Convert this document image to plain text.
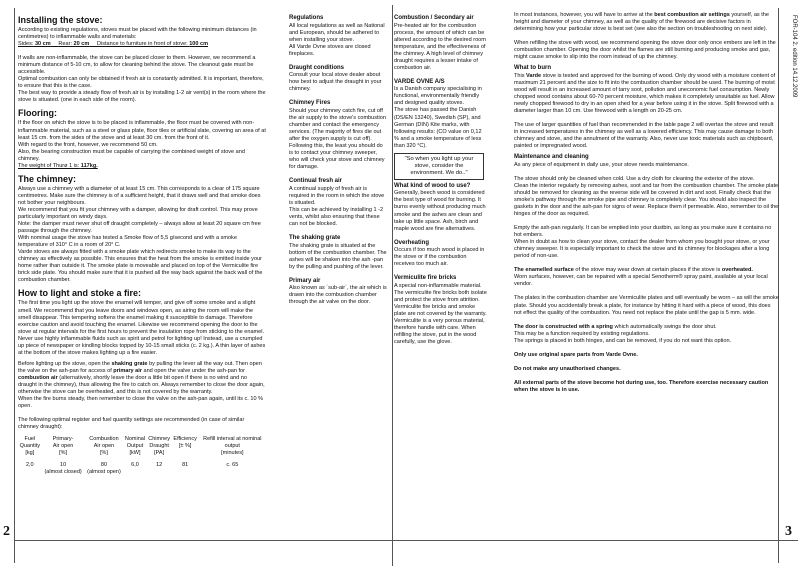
2	3
FOR-104 2. edition 14.12.2009
Installing the stove:

According to existing regulations, stoves must be placed with the following minimum distances (in centimetres) to inflammable walls and materials:

Sides: 30 cm Rear: 20 cm Distance to furniture in front of stove: 100 cm

If walls are non-inflammable, the stove can be placed closer to them. However, we recommend a minimum distance of 5-10 cm, to allow for cleaning behind the stove. The cleanout gate must be accessible.

Optimal combustion can only be obtained if fresh air is constantly admitted. It is important, therefore, to ensure that this is the case.

The best way to provide a steady flow of fresh air is by installing 1-2 air vent(s) in the room where the stove is situated. (one in each side of the room).

Flooring:

If the floor on which the stove is to be placed is inflammable, the floor must be covered with non-inflammable material, such as a steel or glass plate, floor tiles or artificial slate, covering an area of at least 15 cm. from the sides of the stove and at least 30 cm. from the front of it.

With regard to the front, however, we recommend 50 cm.

Also, the bearing construction must be capable of carrying the combined weight of stove and chimney.

The weight of Thurø 1 is: 117kg.

The chimney:

Always use a chimney with a diameter of at least 15 cm. This corresponds to a clear of 175 square centimetres. Make sure the chimney is of a sufficient height, that it draws well and that smoke does not bother your neighbours.

We recommend that you fit your chimney with a damper, allowing for draft control. This may prove particularly important on windy days.

Note: the damper must never shut off draught completely – always allow at least 20 square cm free passage through the chimney.

With nominal usage the stove has tested a Smoke flow of 5,5 g/second and with a smoke temperature of 310° C in a room of 20° C.

Varde stoves are always fitted with a smoke plate which redirects smoke to make its way to the chimney as effectively as possible. This ensures that the heat from the smoke is emitted inside your home rather than outside it. The smoke plate is moveable and placed on top of the Vermiculite fire brick side plate. You should make sure that it is pushed all the way back against the back wall of the combustion chamber.

How to light and stoke a fire:

The first time you light up the stove the enamel will temper, and give off some smoke and a slight smell. We recommend that you leave doors and windows open, as airing the room will make the smell disappear. This tempering softens the enamel making it susceptible to damage. Therefore exercise caution and avoid touching the enamel. Likewise we recommend opening the door to the stove at regular intervals for the first hours to prevent the insulation rope from sticking to the enamel.

Never use highly inflammable fluids such as spirit and petrol for lighting up! Instead, use a crumpled up piece of newspaper or kindling blocks topped by 10-15 small sticks (c. 2 kg.). A thin layer of ashes at the bottom of the stove makes lighting up a fire easier.

Before lighting up the stove, open the shaking grate by pulling the lever all the way out. Then open the valve on the ash-pan for access of primary air and open the valve under the ash-pan for combustion air (alternatively, shortly leave the door a little bit open if there is no wind and no draught in the chimney), thus allowing the fire to catch on. Always remember to close the door again, otherwise the stove can be overheated, and this is not covered by the warranty.

When the fire burns steady, then remember to close the valve on the ash-pan again, until its c. 10 % open.

The following optimal register and fuel quantity settings are recommended (in case of similar chimney draught):

Fuel
Quantity
[kg]	Primary-
Air open
[%]	Combustion
Air open
[%]	Nominal
Output
[kW]	Chimney
Draught
[PA]	Efficiency
[± %]	Refill interval at nominal
output
[minutes]
2,0	10
(almost closed)	80
(almost open)	6,0	12	81	c. 65
Regulations

All local regulations as well as National and European, should be adhered to when installing your stove.

All Varde Ovne stoves are closed fireplaces.

Draught conditions

Consult your local stove dealer about how best to adjust the draught in your chimney.

Chimney Fires

Should your chimney catch fire, cut off the air supply to the stove's combustion chamber and contact the emergency services. (The majority of fires die out after the oxygen supply is cut off). Following this, the least you should do is to contact your chimney sweeper, who will check your stove and chimney for damage.

Continual fresh air

A continual supply of fresh air is required in the room in which the stove is situated.

This can be achieved by installing 1 -2 vents, whilst also ensuring that these can not be blocked.

The shaking grate

The shaking grate is situated at the bottom of the combustion chamber. The ashes will be shaken into the ash -pan by the pulling and pushing of the lever.

Primary air

Also known as ´sub-air´, the air which is drawn into the combustion chamber through the air valve on the door.

Combustion / Secondary air

Pre-heated air for the combustion process, the amount of which can be altered according to the desired room temperature, and the effectiveness of the chimney. A high level of chimney draught requires a lesser intake of combustion air.

VARDE OVNE A/S

Is a Danish company specialising in functional, environmentally friendly and designed quality stoves.

The stove has passed the Danish (DS/EN 13240), Swedish (SP), and German (DIN) Kite marks, with following results: (CO value on 0,12 % and a smoke temperature of less than 320 °C).

"So when you light up your stove, consider the environment. We do.."
What kind of wood to use?

Generally, beech wood is considered the best type of wood for burning. It burns evenly without producing much smoke and the ashes are clean and take up little space. Ash, birch and maple wood are fine alternatives.

Overheating

Occurs if too much wood is placed in the stove or if the combustion receives too much air.

Vermiculite fire bricks

A special non-inflammable material. The vermiculite fire bricks both isolate and protect the stove from attrition. Vermiculite fire bricks and smoke plate are not covered by the warranty. Vermiculite is a very porous material, therefore handle with care. When refilling the stove, put in the wood carefully, use the glove.

In most instances, however, you will have to arrive at the best combustion air settings yourself, as the height and diameter of your chimney, as well as the quality of the firewood are decisive factors in determining how your particular stove is best set (see also the section on troubleshooting on next side).

When refilling the stove with wood, we recommend opening the stove door only once embers are left in the combustion chamber. Opening the door whilst the flames are still burning and producing smoke and gas, might cause smoke to slip into the room instead of up the chimney.

What to burn

This Varde stove is tested and approved for the burning of wood. Only dry wood with a moisture content of maximum 21 percent and the size to fit into the combustion chamber should be used. The burning of moist wood will result in an increased amount of tarry soot, pollution and uneconomic fuel consumption. Newly chopped wood contains about 60-70 percent moisture, which makes it completely unsuitable as fuel. Allow newly chopped firewood to dry in an open shed for a year before using it in the stove. Split firewood with a diameter larger than 10 cm. Use firewood with a length on 20-25 cm.

The use of larger quantities of fuel than recommended in the table page 2 will overtax the stove and result in increased temperatures in the chimney as well as a lowered efficiency. This may cause damage to both chimney and stove, and the annulment of the warranty. Also, never use toxic materials such as chipboard, painted or impregnated wood.

Maintenance and cleaning

As any piece of equipment in daily use, your stove needs maintenance.

The stove should only be cleaned when cold. Use a dry cloth for cleaning the exterior of the stove.

Clean the interior regularly by removing ashes, soot and tar from the combustion chamber. The smoke plate should be removed for cleaning as the reverse side will be covered in dirt and soot. Finally check that the smoke's pathway through the smoke pipe and chimney is completely clear. You should also inspect the gaskets in the door and the ash-pan for signs of wear. Replace them if permeable. Also, remember to oil the hinges of the door as required.

Empty the ash-pan regularly. It can be emptied into your dustbin, as long as you make sure it contains no hot embers.

When in doubt as how to clean your stove, contact the dealer from whom you bought your stove, or your chimney sweeper. It is especially important to check the stove and its chimney for blockages after a long period of non-use.

The enamelled surface of the stove may wear down at certain places if the stove is overheated.

Worn surfaces, however, can be repaired with a special Senotherm® spray paint, available at your local vendor.

The plates in the combustion chamber are Vermiculite plates and will eventually be worn – as will the smoke plate. Should you accidentally break a plate, for instance by hitting it hard with a piece of wood, this does not effect the quality of the combustion. You need not replace the plate until the gap is 5 mm. wide.

The door is constructed with a spring which automatically swings the door shut.

This may be a function required by existing regulations.

The springs is placed in both hinges, and can be removed, if you do not want this option.

Only use original spare parts from Varde Ovne.

Do not make any unauthorised changes.

All external parts of the stove become hot during use, too. Therefore exercise necessary caution when the stove is in use.
